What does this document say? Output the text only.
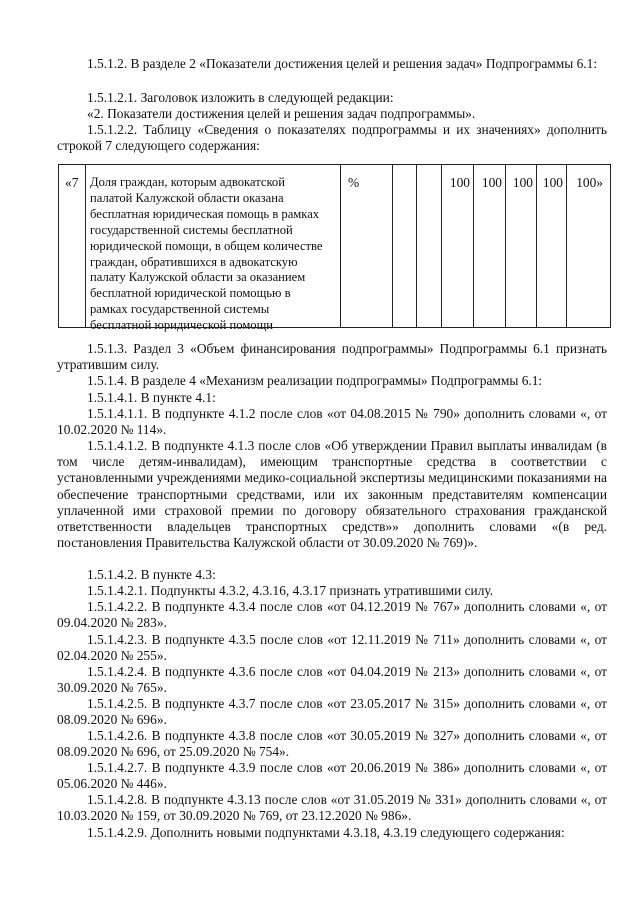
1.5.1.2. В разделе 2 «Показатели достижения целей и решения задач» Подпрограммы 6.1:

1.5.1.2.1. Заголовок изложить в следующей редакции:

«2. Показатели достижения целей и решения задач подпрограммы».

1.5.1.2.2. Таблицу «Сведения о показателях подпрограммы и их значениях» дополнить строкой 7 следующего содержания:

«7 Доля граждан, которым адвокатской палатой Калужской области оказана бесплатная юридическая помощь в рамках государственной системы бесплатной юридической помощи, в общем количестве граждан, обратившихся в адвокатскую палату Калужской области за оказанием бесплатной юридической помощью в рамках государственной системы бесплатной юридической помощи

%	100 100 100 100 100»

1.5.1.3. Раздел 3 «Объем финансирования подпрограммы» Подпрограммы 6.1 признать утратившим силу.

1.5.1.4. В разделе 4 «Механизм реализации подпрограммы» Подпрограммы 6.1:

1.5.1.4.1. В пункте 4.1:

1.5.1.4.1.1. В подпункте 4.1.2 после слов «от 04.08.2015 № 790» дополнить словами «, от 10.02.2020 № 114».

1.5.1.4.1.2. В подпункте 4.1.3 после слов «Об утверждении Правил выплаты инвалидам (в том числе детям-инвалидам), имеющим транспортные средства в соответствии с установленными учреждениями медико-социальной экспертизы медицинскими показаниями на обеспечение транспортными средствами, или их законным представителям компенсации уплаченной ими страховой премии по договору обязательного страхования гражданской ответственности владельцев транспортных средств»» дополнить словами «(в ред. постановления Правительства Калужской области от 30.09.2020 № 769)».

1.5.1.4.2. В пункте 4.3:

1.5.1.4.2.1. Подпункты 4.3.2, 4.3.16, 4.3.17 признать утратившими силу.

1.5.1.4.2.2. В подпункте 4.3.4 после слов «от 04.12.2019 № 767» дополнить словами «, от 09.04.2020 № 283».

1.5.1.4.2.3. В подпункте 4.3.5 после слов «от 12.11.2019 № 711» дополнить словами «, от 02.04.2020 № 255».

1.5.1.4.2.4. В подпункте 4.3.6 после слов «от 04.04.2019 № 213» дополнить словами «, от 30.09.2020 № 765».

1.5.1.4.2.5. В подпункте 4.3.7 после слов «от 23.05.2017 № 315» дополнить словами «, от 08.09.2020 № 696».

1.5.1.4.2.6. В подпункте 4.3.8 после слов «от 30.05.2019 № 327» дополнить словами «, от 08.09.2020 № 696, от 25.09.2020 № 754».

1.5.1.4.2.7. В подпункте 4.3.9 после слов «от 20.06.2019 № 386» дополнить словами «, от 05.06.2020 № 446».

1.5.1.4.2.8. В подпункте 4.3.13 после слов «от 31.05.2019 № 331» дополнить словами «, от 10.03.2020 № 159, от 30.09.2020 № 769, от 23.12.2020 № 986».

1.5.1.4.2.9. Дополнить новыми подпунктами 4.3.18, 4.3.19 следующего содержания:
